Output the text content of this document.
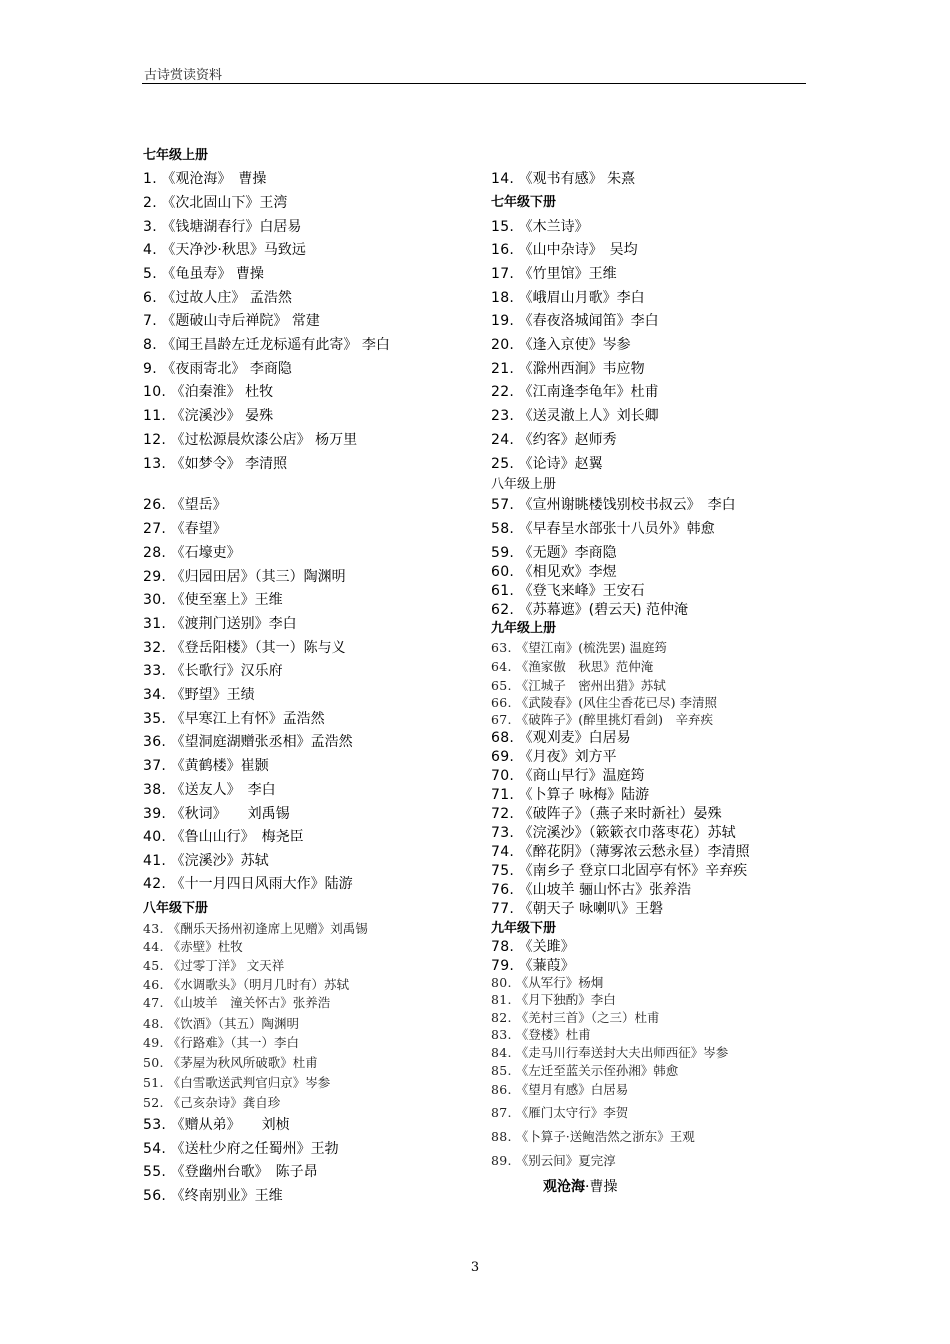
古诗赏读资料
七年级上册
1. 《观沧海》　曹操
2. 《次北固山下》王湾
3. 《钱塘湖春行》白居易
4. 《天净沙·秋思》马致远
5. 《龟虽寿》 曹操
6. 《过故人庄》 孟浩然
7. 《题破山寺后禅院》 常建
8. 《闻王昌龄左迁龙标遥有此寄》 李白
9. 《夜雨寄北》 李商隐
10. 《泊秦淮》 杜牧
11. 《浣溪沙》 晏殊
12. 《过松源晨炊漆公店》 杨万里
13. 《如梦令》 李清照
26. 《望岳》
27. 《春望》
28. 《石壕吏》
29. 《归园田居》（其三）陶渊明
30. 《使至塞上》王维
31. 《渡荆门送别》李白
32. 《登岳阳楼》（其一）陈与义
33. 《长歌行》汉乐府
34. 《野望》王绩
35. 《早寒江上有怀》孟浩然
36. 《望洞庭湖赠张丞相》孟浩然
37. 《黄鹤楼》崔颢
38. 《送友人》　李白
39. 《秋词》　　刘禹锡
40. 《鲁山山行》　梅尧臣
41. 《浣溪沙》苏轼
42. 《十一月四日风雨大作》陆游
八年级下册
43. 《酬乐天扬州初逢席上见赠》刘禹锡
44. 《赤壁》杜牧
45. 《过零丁洋》 文天祥
46. 《水调歌头》（明月几时有）苏轼
47. 《山坡羊　潼关怀古》张养浩
48. 《饮酒》（其五）陶渊明
49. 《行路难》（其一）李白
50. 《茅屋为秋风所破歌》杜甫
51. 《白雪歌送武判官归京》岑参
52. 《己亥杂诗》龚自珍
53. 《赠从弟》　　刘桢
54. 《送杜少府之任蜀州》王勃
55. 《登幽州台歌》　陈子昂
56. 《终南别业》王维
14. 《观书有感》 朱熹
七年级下册
15. 《木兰诗》
16. 《山中杂诗》　吴均
17. 《竹里馆》王维
18. 《峨眉山月歌》李白
19. 《春夜洛城闻笛》李白
20. 《逢入京使》岑参
21. 《滁州西涧》韦应物
22. 《江南逢李龟年》杜甫
23. 《送灵澈上人》刘长卿
24. 《约客》赵师秀
25. 《论诗》赵翼
八年级上册
57. 《宣州谢眺楼饯别校书叔云》　李白
58. 《早春呈水部张十八员外》韩愈
59. 《无题》李商隐
60. 《相见欢》李煜
61. 《登飞来峰》王安石
62. 《苏幕遮》(碧云天) 范仲淹
九年级上册
63. 《望江南》(梳洗罢) 温庭筠
64. 《渔家傲　秋思》范仲淹
65. 《江城子　密州出猎》苏轼
66. 《武陵春》(风住尘香花已尽) 李清照
67. 《破阵子》(醉里挑灯看剑)　辛弃疾
68. 《观刈麦》白居易
69. 《月夜》刘方平
70. 《商山早行》温庭筠
71. 《卜算子 咏梅》陆游
72. 《破阵子》（燕子来时新社）晏殊
73. 《浣溪沙》（簌簌衣巾落枣花）苏轼
74. 《醉花阴》（薄雾浓云愁永昼）李清照
75. 《南乡子 登京口北固亭有怀》辛弃疾
76. 《山坡羊 骊山怀古》张养浩
77. 《朝天子 咏喇叭》王磐
九年级下册
78. 《关雎》
79. 《蒹葭》
80. 《从军行》杨炯
81. 《月下独酌》李白
82. 《羌村三首》（之三）杜甫
83. 《登楼》杜甫
84. 《走马川行奉送封大夫出师西征》岑参
85. 《左迁至蓝关示侄孙湘》韩愈
86. 《望月有感》白居易
87. 《雁门太守行》李贺
88. 《卜算子·送鲍浩然之浙东》王观
89. 《别云间》夏完淳
观沧海·曹操
3
